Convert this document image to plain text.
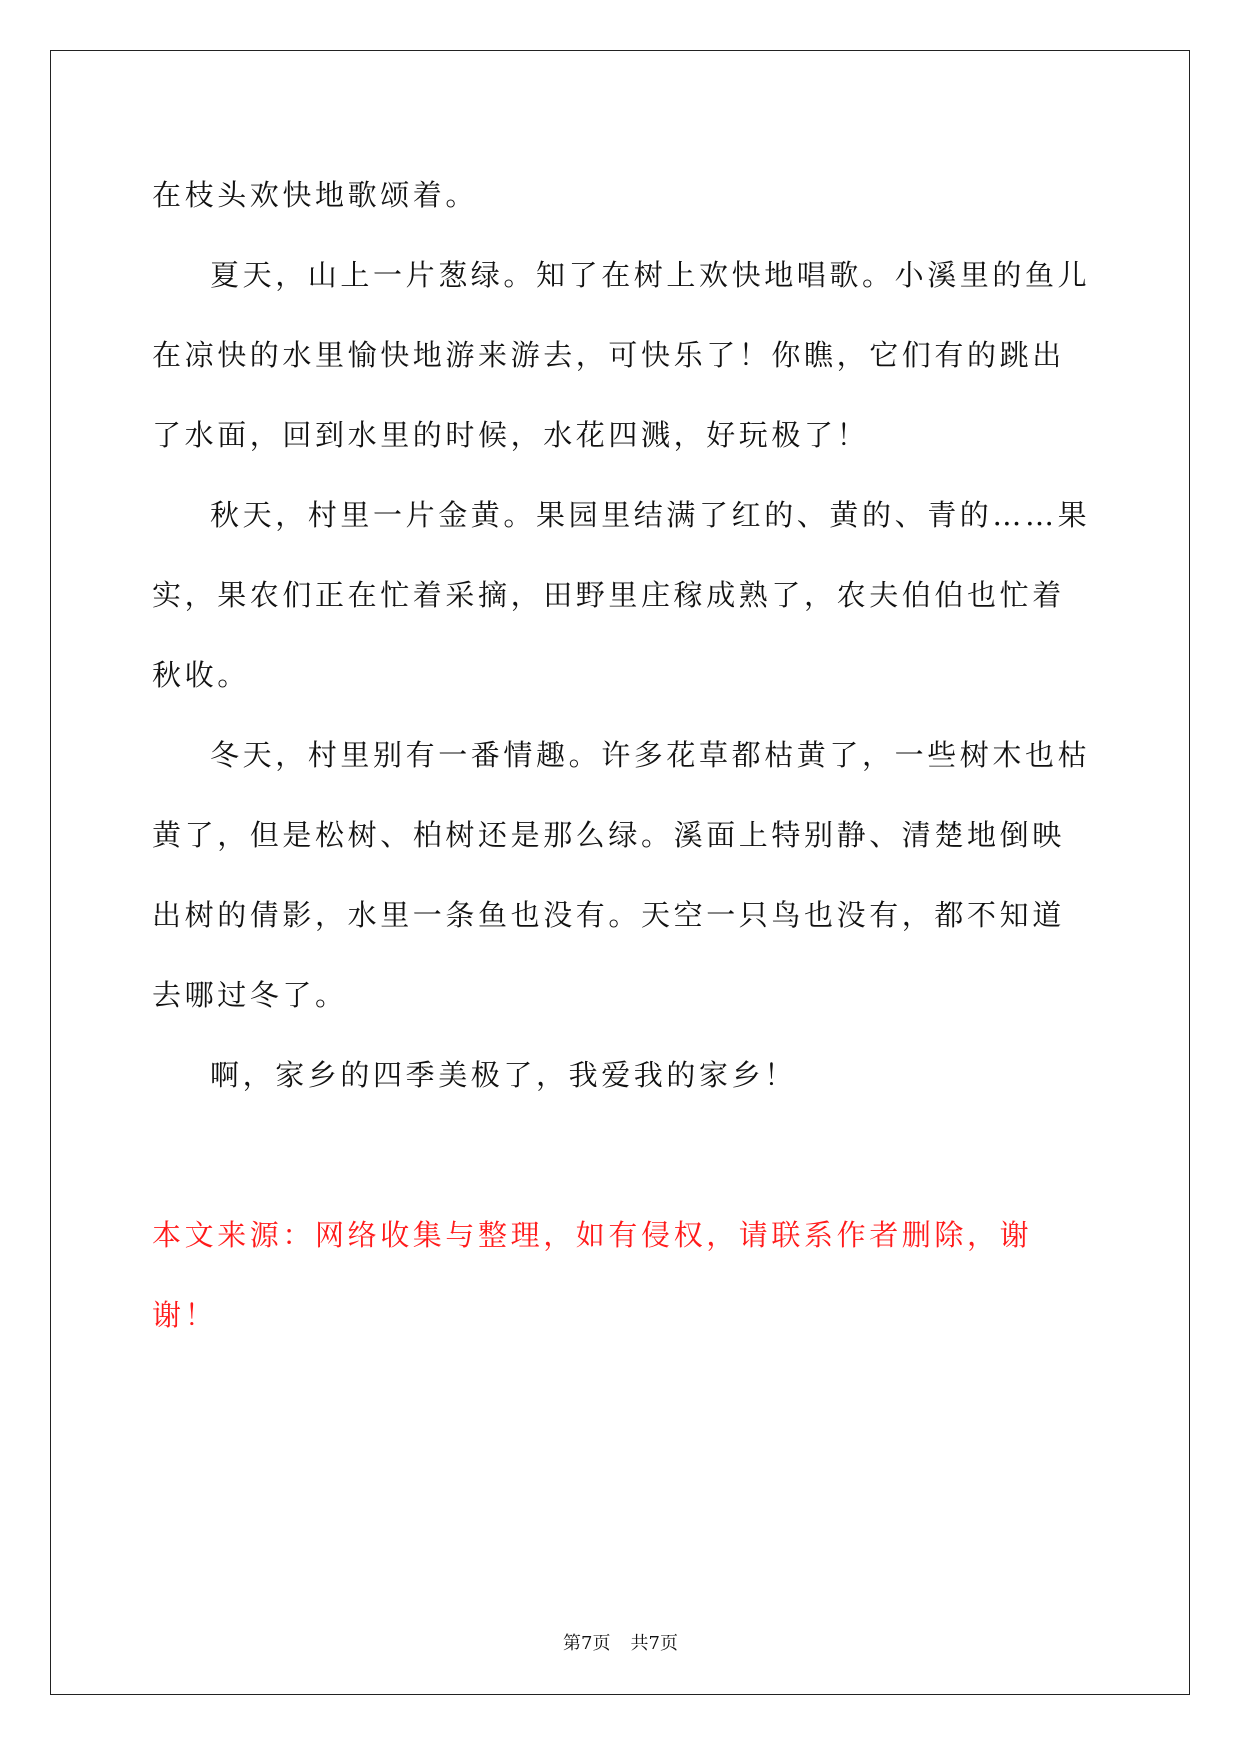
在枝头欢快地歌颂着。

夏天，山上一片葱绿。知了在树上欢快地唱歌。小溪里的鱼儿在凉快的水里愉快地游来游去，可快乐了！你瞧，它们有的跳出了水面，回到水里的时候，水花四溅，好玩极了！

秋天，村里一片金黄。果园里结满了红的、黄的、青的……果实，果农们正在忙着采摘，田野里庄稼成熟了，农夫伯伯也忙着秋收。

冬天，村里别有一番情趣。许多花草都枯黄了，一些树木也枯黄了，但是松树、柏树还是那么绿。溪面上特别静、清楚地倒映出树的倩影，水里一条鱼也没有。天空一只鸟也没有，都不知道去哪过冬了。

啊，家乡的四季美极了，我爱我的家乡！

本文来源：网络收集与整理，如有侵权，请联系作者删除，谢谢！

第7页 共7页
